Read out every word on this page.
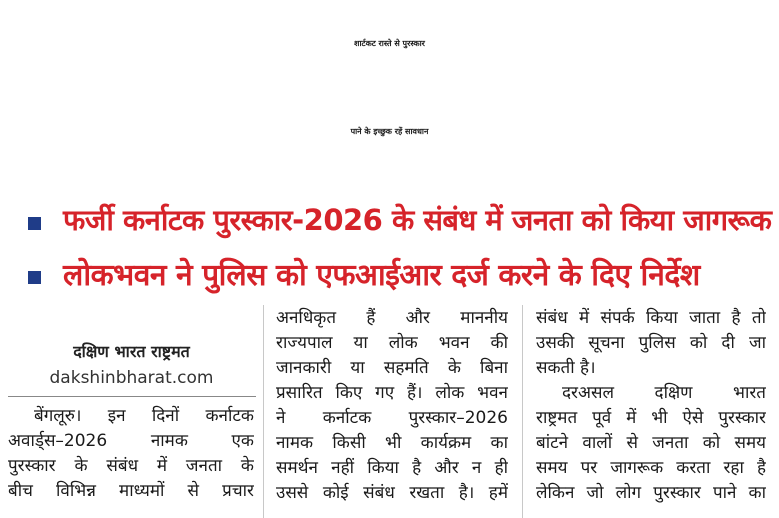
शार्टकट रास्ते से पुरस्कार
पाने के इच्छुक रहें सावधान
फर्जी कर्नाटक पुरस्कार-2026 के संबंध में जनता को किया जागरूक
लोकभवन ने पुलिस को एफआईआर दर्ज करने के दिए निर्देश
दक्षिण भारत राष्ट्रमत
dakshinbharat.com
बेंगलूरु। इन दिनों कर्नाटक
अवार्ड्स–2026 नामक एक
पुरस्कार के संबंध में जनता के
बीच विभिन्न माध्यमों से प्रचार
अनधिकृत हैं और माननीय
राज्यपाल या लोक भवन की
जानकारी या सहमति के बिना
प्रसारित किए गए हैं। लोक भवन
ने कर्नाटक पुरस्कार–2026
नामक किसी भी कार्यक्रम का
समर्थन नहीं किया है और न ही
उससे कोई संबंध रखता है। हमें
संबंध में संपर्क किया जाता है तो
उसकी सूचना पुलिस को दी जा
सकती है।
दरअसल दक्षिण भारत
राष्ट्रमत पूर्व में भी ऐसे पुरस्कार
बांटने वालों से जनता को समय
समय पर जागरूक करता रहा है
लेकिन जो लोग पुरस्कार पाने का
